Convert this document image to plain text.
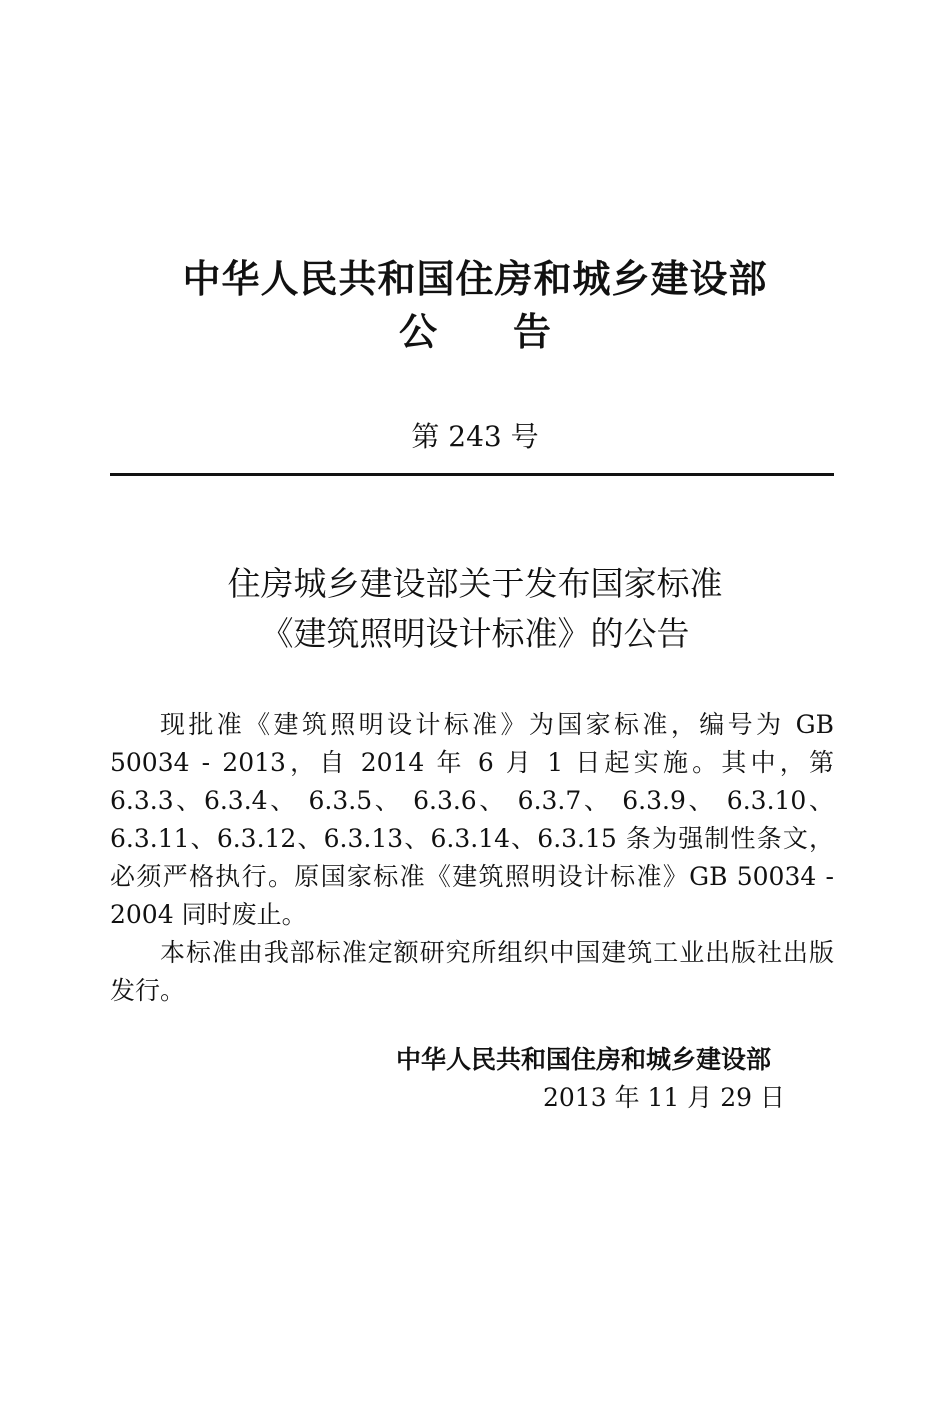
中华人民共和国住房和城乡建设部
公告
第 243 号
住房城乡建设部关于发布国家标准
《建筑照明设计标准》的公告

现批准《建筑照明设计标准》为国家标准，编号为 GB 50034 - 2013，自 2014 年 6 月 1 日起实施。其中，第 6.3.3、6.3.4、 6.3.5、 6.3.6、 6.3.7、 6.3.9、 6.3.10、 6.3.11、6.3.12、6.3.13、6.3.14、6.3.15 条为强制性条文，必须严格执行。原国家标准《建筑照明设计标准》GB 50034 - 2004 同时废止。

本标准由我部标准定额研究所组织中国建筑工业出版社出版发行。

中华人民共和国住房和城乡建设部
2013 年 11 月 29 日
